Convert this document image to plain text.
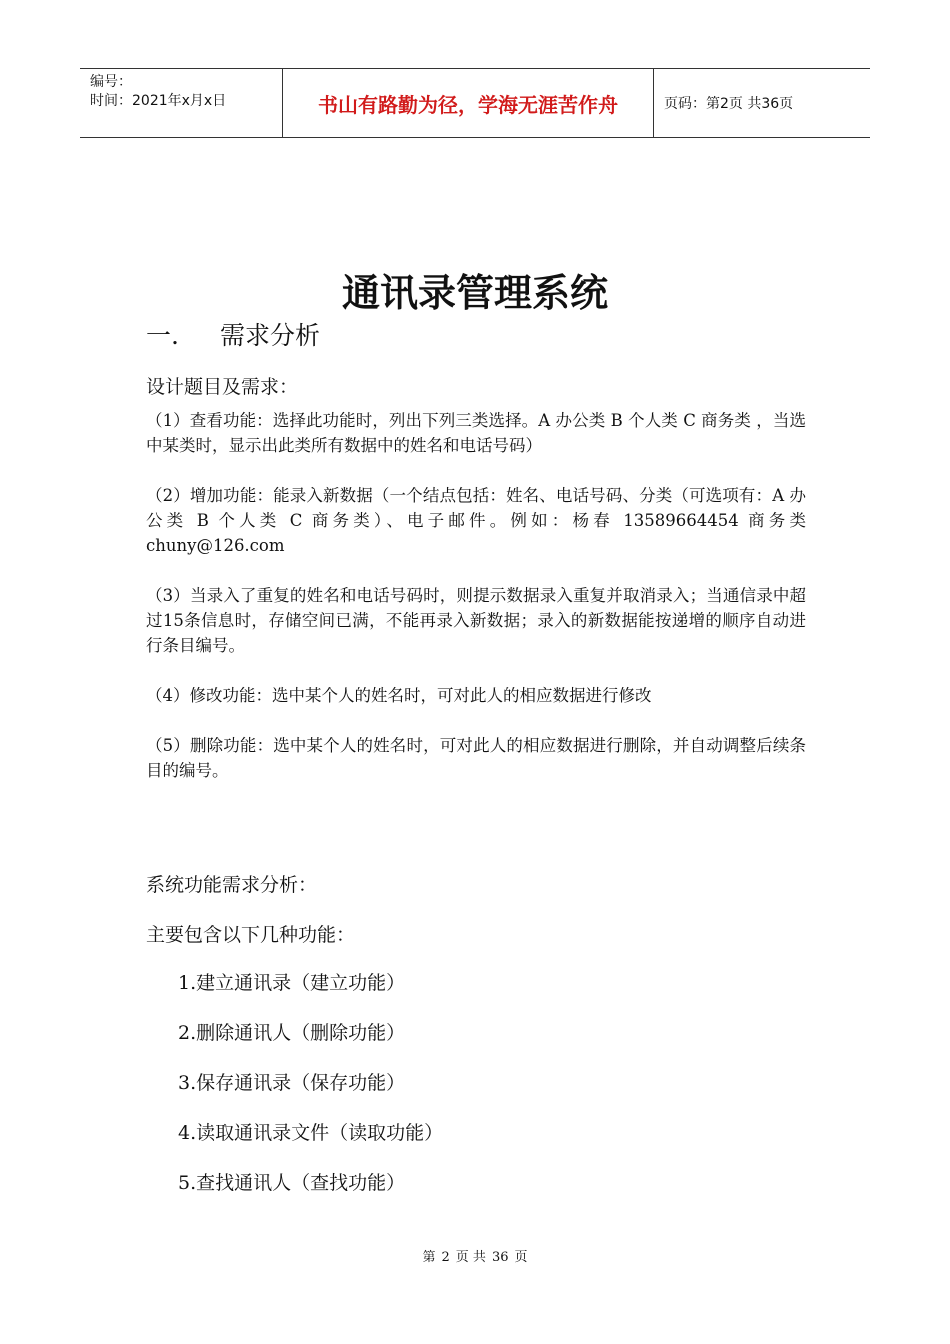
编号：
时间：2021年x月x日	书山有路勤为径，学海无涯苦作舟	页码：第2页 共36页
通讯录管理系统
一. 需求分析
设计题目及需求：
（1）查看功能：选择此功能时，列出下列三类选择。A 办公类 B 个人类 C 商务类 ，当选中某类时，显示出此类所有数据中的姓名和电话号码）
（2）增加功能：能录入新数据（一个结点包括：姓名、电话号码、分类（可选项有：A 办公类 B 个人类 C 商务类）、电子邮件。例如：杨春 13589664454 商务类 chuny@126.com
（3）当录入了重复的姓名和电话号码时，则提示数据录入重复并取消录入；当通信录中超过15条信息时，存储空间已满，不能再录入新数据；录入的新数据能按递增的顺序自动进行条目编号。
（4）修改功能：选中某个人的姓名时，可对此人的相应数据进行修改
（5）删除功能：选中某个人的姓名时，可对此人的相应数据进行删除，并自动调整后续条目的编号。
系统功能需求分析：
主要包含以下几种功能：
1.建立通讯录（建立功能）
2.删除通讯人（删除功能）
3.保存通讯录（保存功能）
4.读取通讯录文件（读取功能）
5.查找通讯人（查找功能）
第 2 页 共 36 页
